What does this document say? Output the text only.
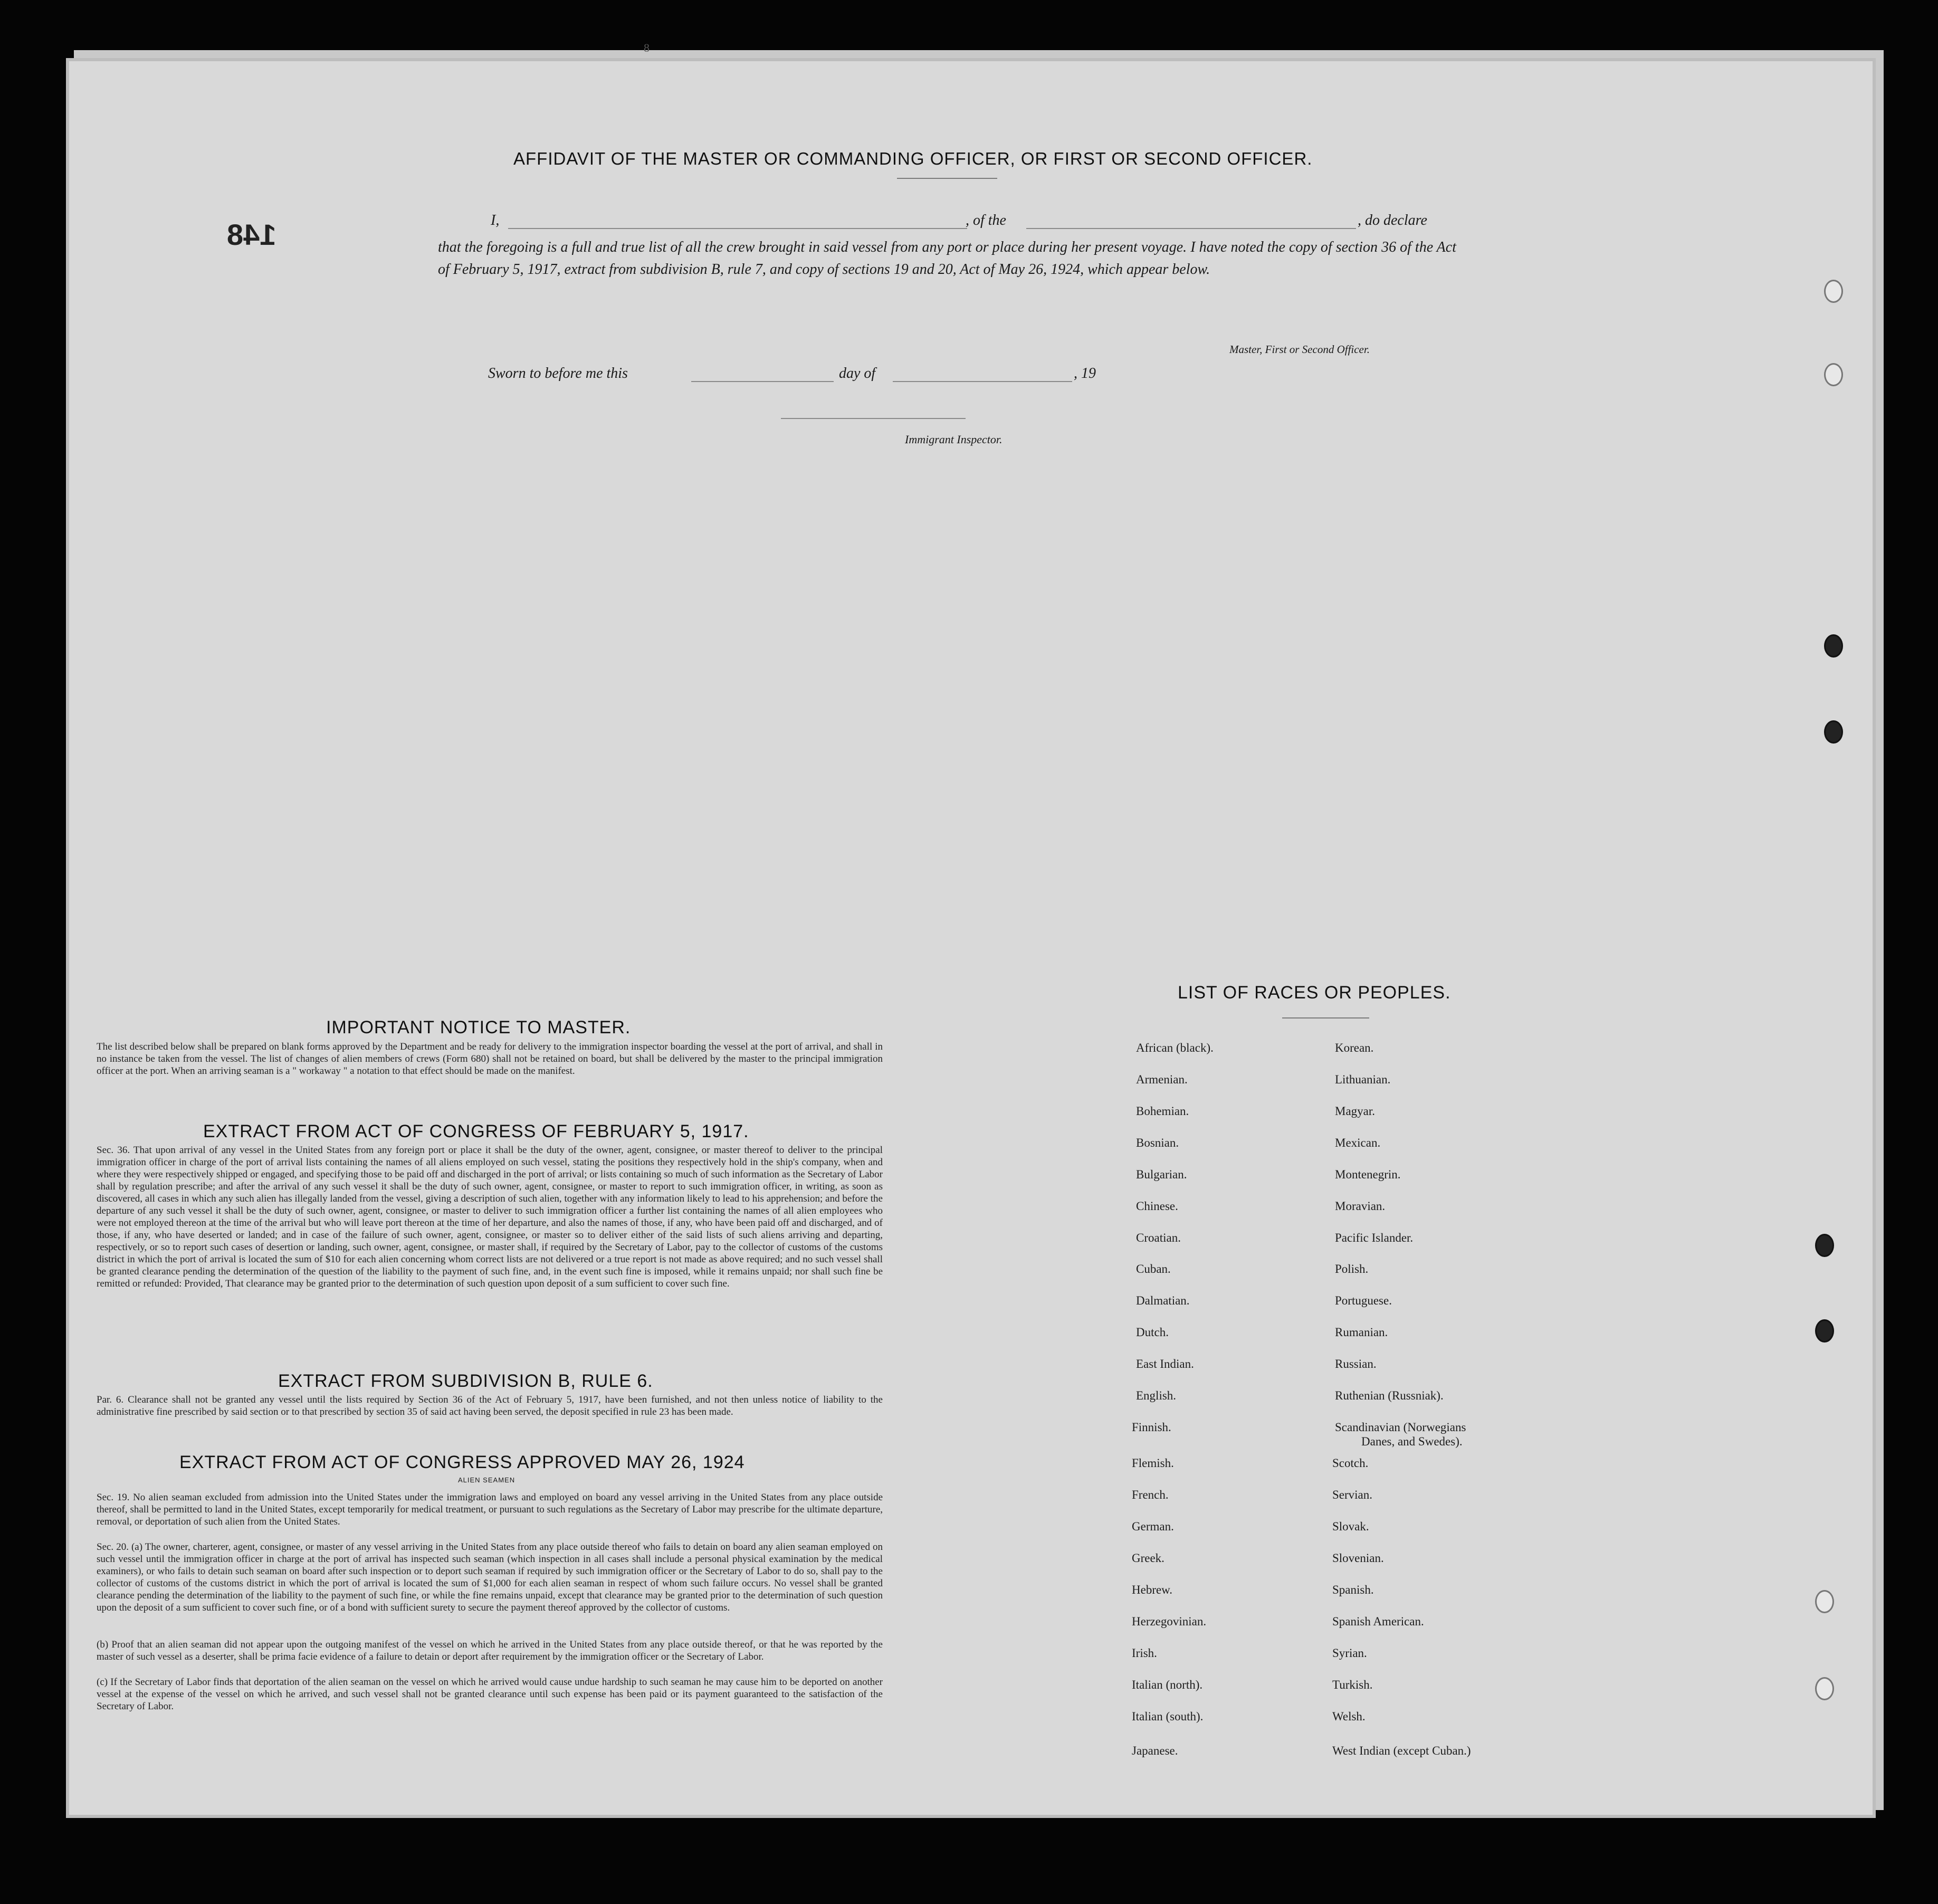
8

148
AFFIDAVIT OF THE MASTER OR COMMANDING OFFICER, OR FIRST OR SECOND OFFICER.
I,	, of the	, do declare
that the foregoing is a full and true list of all the crew brought in said vessel from any port or place during her present voyage. I have noted the copy of section 36 of the Act of February 5, 1917, extract from subdivision B, rule 7, and copy of sections 19 and 20, Act of May 26, 1924, which appear below.
Master, First or Second Officer.
Sworn to before me this	day of	, 19
Immigrant Inspector.
IMPORTANT NOTICE TO MASTER.
The list described below shall be prepared on blank forms approved by the Department and be ready for delivery to the immigration inspector boarding the vessel at the port of arrival, and shall in no instance be taken from the vessel. The list of changes of alien members of crews (Form 680) shall not be retained on board, but shall be delivered by the master to the principal immigration officer at the port. When an arriving seaman is a " workaway " a notation to that effect should be made on the manifest.
EXTRACT FROM ACT OF CONGRESS OF FEBRUARY 5, 1917.
Sec. 36. That upon arrival of any vessel in the United States from any foreign port or place it shall be the duty of the owner, agent, consignee, or master thereof to deliver to the principal immigration officer in charge of the port of arrival lists containing the names of all aliens employed on such vessel, stating the positions they respectively hold in the ship's company, when and where they were respectively shipped or engaged, and specifying those to be paid off and discharged in the port of arrival; or lists containing so much of such information as the Secretary of Labor shall by regulation prescribe; and after the arrival of any such vessel it shall be the duty of such owner, agent, consignee, or master to report to such immigration officer, in writing, as soon as discovered, all cases in which any such alien has illegally landed from the vessel, giving a description of such alien, together with any information likely to lead to his apprehension; and before the departure of any such vessel it shall be the duty of such owner, agent, consignee, or master to deliver to such immigration officer a further list containing the names of all alien employees who were not employed thereon at the time of the arrival but who will leave port thereon at the time of her departure, and also the names of those, if any, who have been paid off and discharged, and of those, if any, who have deserted or landed; and in case of the failure of such owner, agent, consignee, or master so to deliver either of the said lists of such aliens arriving and departing, respectively, or so to report such cases of desertion or landing, such owner, agent, consignee, or master shall, if required by the Secretary of Labor, pay to the collector of customs of the customs district in which the port of arrival is located the sum of $10 for each alien concerning whom correct lists are not delivered or a true report is not made as above required; and no such vessel shall be granted clearance pending the determination of the question of the liability to the payment of such fine, and, in the event such fine is imposed, while it remains unpaid; nor shall such fine be remitted or refunded: Provided, That clearance may be granted prior to the determination of such question upon deposit of a sum sufficient to cover such fine.
EXTRACT FROM SUBDIVISION B, RULE 6.
Par. 6. Clearance shall not be granted any vessel until the lists required by Section 36 of the Act of February 5, 1917, have been furnished, and not then unless notice of liability to the administrative fine prescribed by said section or to that prescribed by section 35 of said act having been served, the deposit specified in rule 23 has been made.
EXTRACT FROM ACT OF CONGRESS APPROVED MAY 26, 1924
ALIEN SEAMEN
Sec. 19. No alien seaman excluded from admission into the United States under the immigration laws and employed on board any vessel arriving in the United States from any place outside thereof, shall be permitted to land in the United States, except temporarily for medical treatment, or pursuant to such regulations as the Secretary of Labor may prescribe for the ultimate departure, removal, or deportation of such alien from the United States.
Sec. 20. (a) The owner, charterer, agent, consignee, or master of any vessel arriving in the United States from any place outside thereof who fails to detain on board any alien seaman employed on such vessel until the immigration officer in charge at the port of arrival has inspected such seaman (which inspection in all cases shall include a personal physical examination by the medical examiners), or who fails to detain such seaman on board after such inspection or to deport such seaman if required by such immigration officer or the Secretary of Labor to do so, shall pay to the collector of customs of the customs district in which the port of arrival is located the sum of $1,000 for each alien seaman in respect of whom such failure occurs. No vessel shall be granted clearance pending the determination of the liability to the payment of such fine, or while the fine remains unpaid, except that clearance may be granted prior to the determination of such question upon the deposit of a sum sufficient to cover such fine, or of a bond with sufficient surety to secure the payment thereof approved by the collector of customs.
(b) Proof that an alien seaman did not appear upon the outgoing manifest of the vessel on which he arrived in the United States from any place outside thereof, or that he was reported by the master of such vessel as a deserter, shall be prima facie evidence of a failure to detain or deport after requirement by the immigration officer or the Secretary of Labor.
(c) If the Secretary of Labor finds that deportation of the alien seaman on the vessel on which he arrived would cause undue hardship to such seaman he may cause him to be deported on another vessel at the expense of the vessel on which he arrived, and such vessel shall not be granted clearance until such expense has been paid or its payment guaranteed to the satisfaction of the Secretary of Labor.
LIST OF RACES OR PEOPLES.
African (black).
Armenian.
Bohemian.
Bosnian.
Bulgarian.
Chinese.
Croatian.
Cuban.
Dalmatian.
Dutch.
East Indian.
English.
Finnish.
Flemish.
French.
German.
Greek.
Hebrew.
Herzegovinian.
Irish.
Italian (north).
Italian (south).
Japanese.
Korean.
Lithuanian.
Magyar.
Mexican.
Montenegrin.
Moravian.
Pacific Islander.
Polish.
Portuguese.
Rumanian.
Russian.
Ruthenian (Russniak).
Scandinavian (Norwegians
Danes, and Swedes).
Scotch.
Servian.
Slovak.
Slovenian.
Spanish.
Spanish American.
Syrian.
Turkish.
Welsh.
West Indian (except Cuban.)
